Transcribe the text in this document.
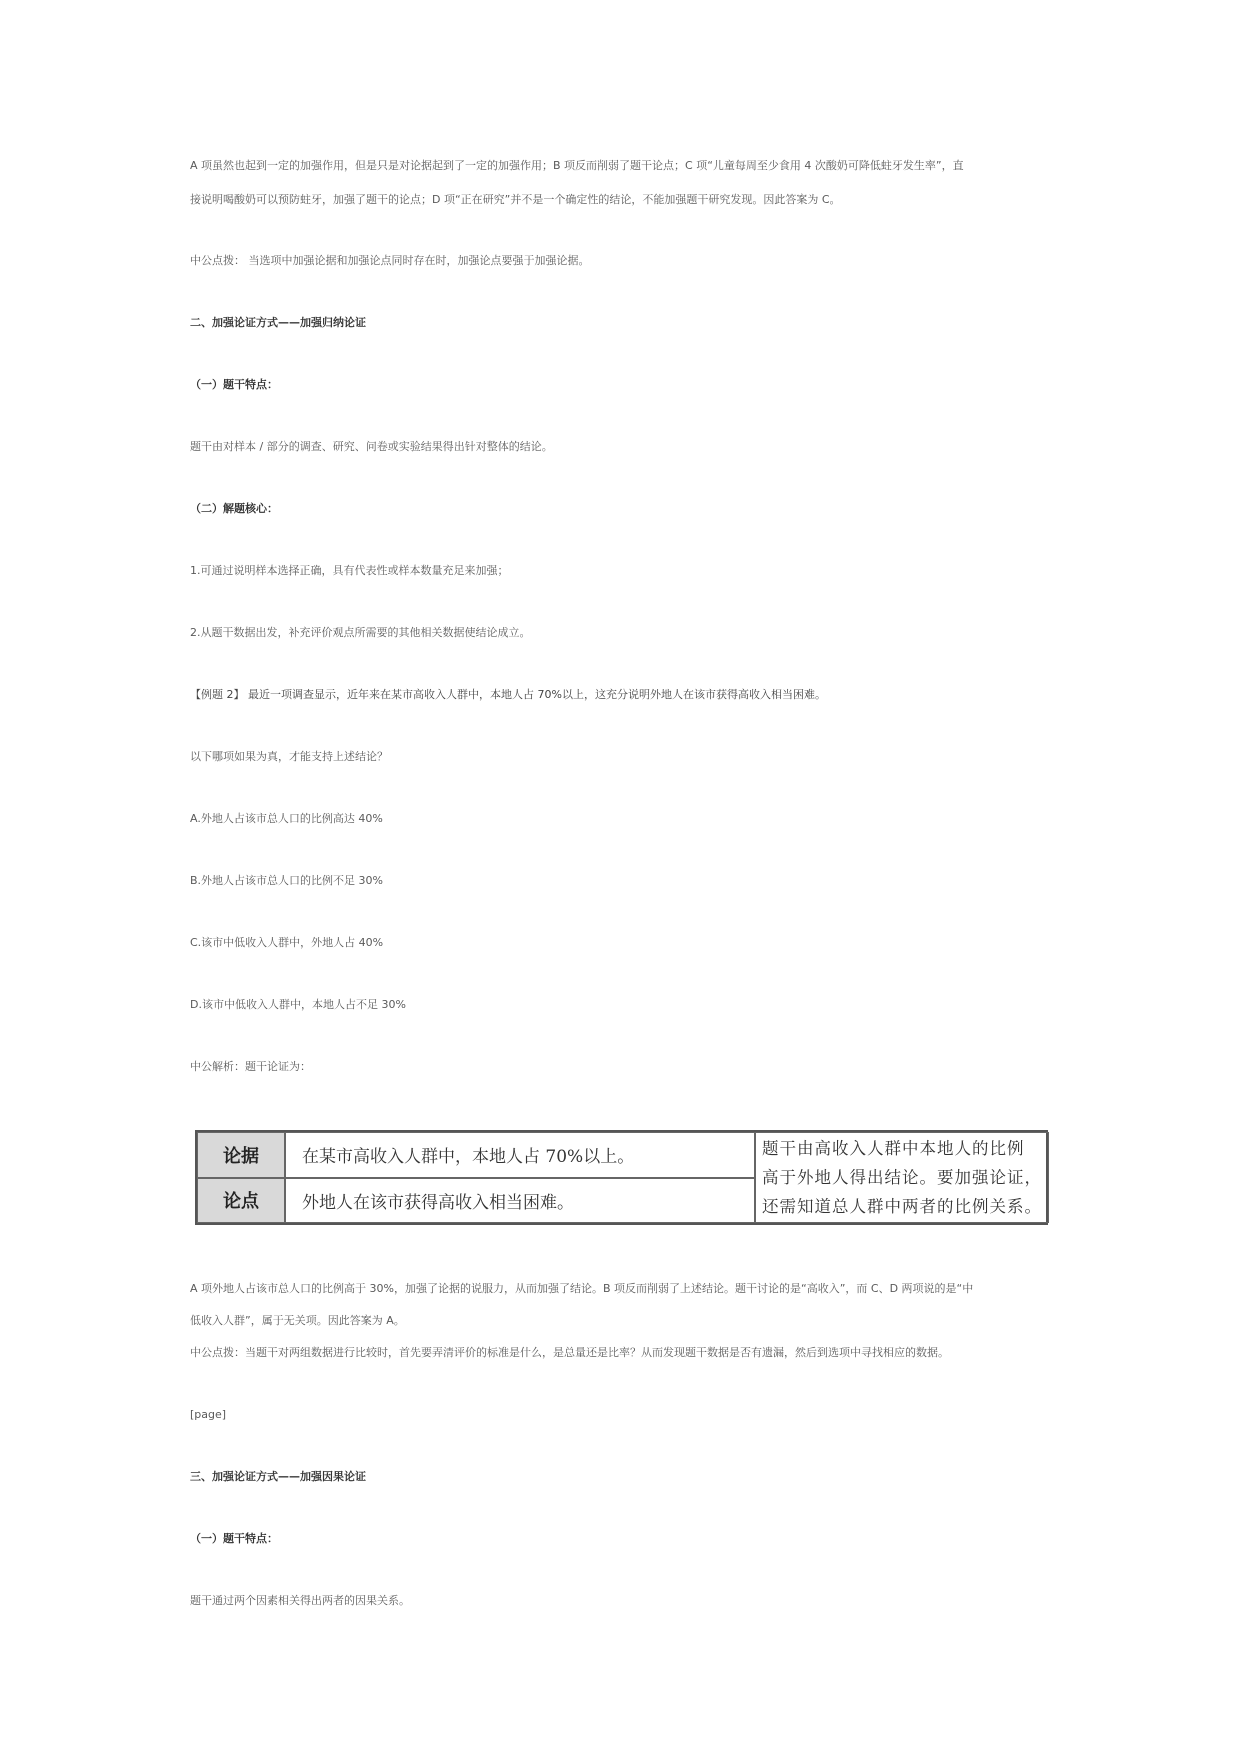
A 项虽然也起到一定的加强作用，但是只是对论据起到了一定的加强作用；B 项反而削弱了题干论点；C 项“儿童每周至少食用 4 次酸奶可降低蛀牙发生率”，直
接说明喝酸奶可以预防蛀牙，加强了题干的论点；D 项“正在研究”并不是一个确定性的结论，不能加强题干研究发现。因此答案为 C。
中公点拨： 当选项中加强论据和加强论点同时存在时，加强论点要强于加强论据。
二、加强论证方式——加强归纳论证
（一）题干特点：
题干由对样本 / 部分的调查、研究、问卷或实验结果得出针对整体的结论。
（二）解题核心：
1.可通过说明样本选择正确，具有代表性或样本数量充足来加强；
2.从题干数据出发，补充评价观点所需要的其他相关数据使结论成立。
【例题 2】 最近一项调查显示，近年来在某市高收入人群中，本地人占 70%以上，这充分说明外地人在该市获得高收入相当困难。
以下哪项如果为真，才能支持上述结论？
A.外地人占该市总人口的比例高达 40%
B.外地人占该市总人口的比例不足 30%
C.该市中低收入人群中，外地人占 40%
D.该市中低收入人群中，本地人占不足 30%
中公解析：题干论证为：
论据	在某市高收入人群中，本地人占 70%以上。
论点	外地人在该市获得高收入相当困难。
题干由高收入人群中本地人的比例
高于外地人得出结论。要加强论证，
还需知道总人群中两者的比例关系。
A 项外地人占该市总人口的比例高于 30%，加强了论据的说服力，从而加强了结论。B 项反而削弱了上述结论。题干讨论的是“高收入”，而 C、D 两项说的是“中
低收入人群”，属于无关项。因此答案为 A。
中公点拨：当题干对两组数据进行比较时，首先要弄清评价的标准是什么，是总量还是比率？从而发现题干数据是否有遗漏，然后到选项中寻找相应的数据。
[page]
三、加强论证方式——加强因果论证
（一）题干特点：
题干通过两个因素相关得出两者的因果关系。
